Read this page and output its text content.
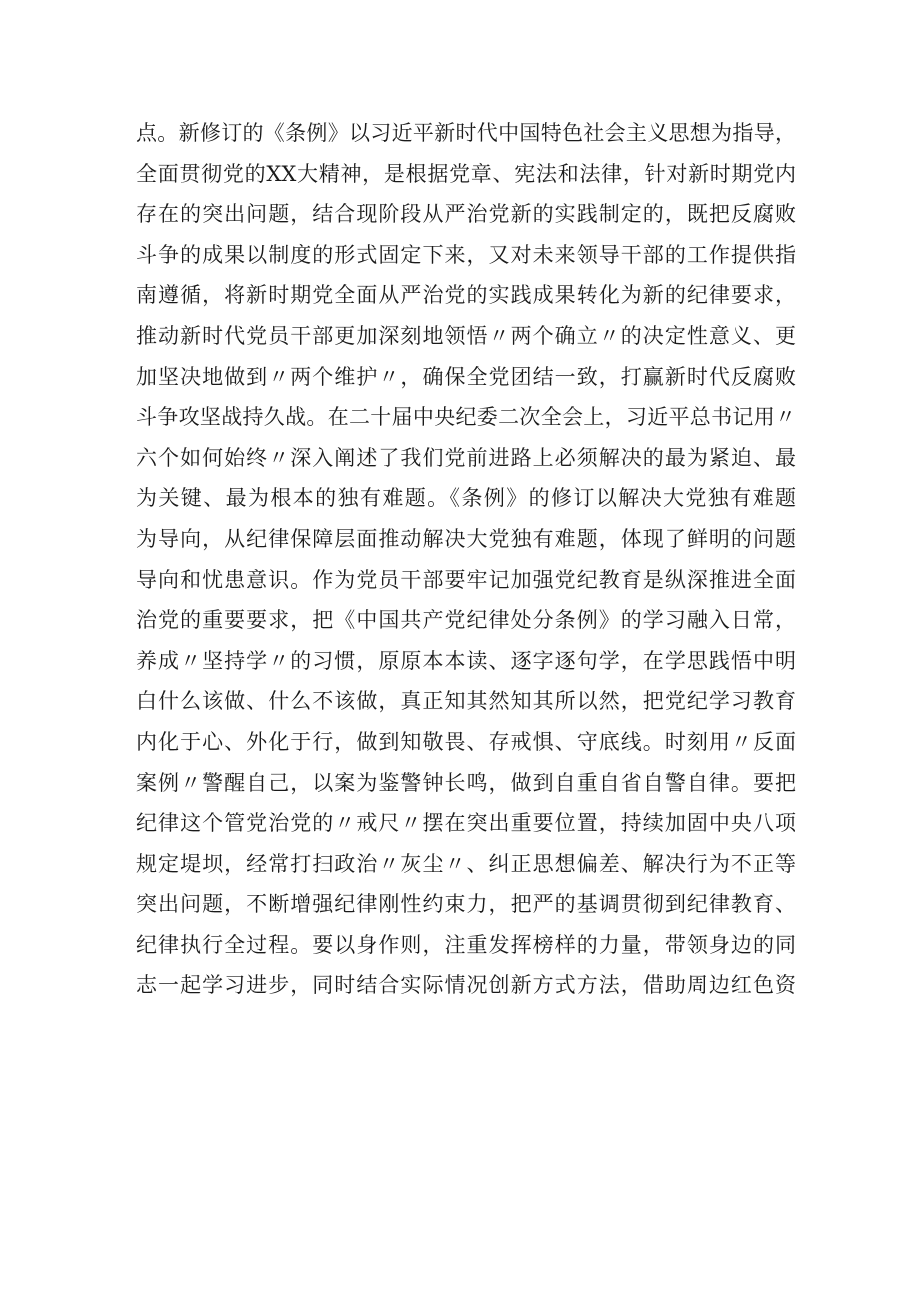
点。新修订的《条例》以习近平新时代中国特色社会主义思想为指导，
全面贯彻党的XX大精神，是根据党章、宪法和法律，针对新时期党内
存在的突出问题，结合现阶段从严治党新的实践制定的，既把反腐败
斗争的成果以制度的形式固定下来，又对未来领导干部的工作提供指
南遵循，将新时期党全面从严治党的实践成果转化为新的纪律要求，
推动新时代党员干部更加深刻地领悟〃两个确立〃的决定性意义、更
加坚决地做到〃两个维护〃，确保全党团结一致，打赢新时代反腐败
斗争攻坚战持久战。在二十届中央纪委二次全会上，习近平总书记用〃
六个如何始终〃深入阐述了我们党前进路上必须解决的最为紧迫、最
为关键、最为根本的独有难题。《条例》的修订以解决大党独有难题
为导向，从纪律保障层面推动解决大党独有难题，体现了鲜明的问题
导向和忧患意识。作为党员干部要牢记加强党纪教育是纵深推进全面
治党的重要要求，把《中国共产党纪律处分条例》的学习融入日常，
养成〃坚持学〃的习惯，原原本本读、逐字逐句学，在学思践悟中明
白什么该做、什么不该做，真正知其然知其所以然，把党纪学习教育
内化于心、外化于行，做到知敬畏、存戒惧、守底线。时刻用〃反面
案例〃警醒自己，以案为鉴警钟长鸣，做到自重自省自警自律。要把
纪律这个管党治党的〃戒尺〃摆在突出重要位置，持续加固中央八项
规定堤坝，经常打扫政治〃灰尘〃、纠正思想偏差、解决行为不正等
突出问题，不断增强纪律刚性约束力，把严的基调贯彻到纪律教育、
纪律执行全过程。要以身作则，注重发挥榜样的力量，带领身边的同
志一起学习进步，同时结合实际情况创新方式方法，借助周边红色资
